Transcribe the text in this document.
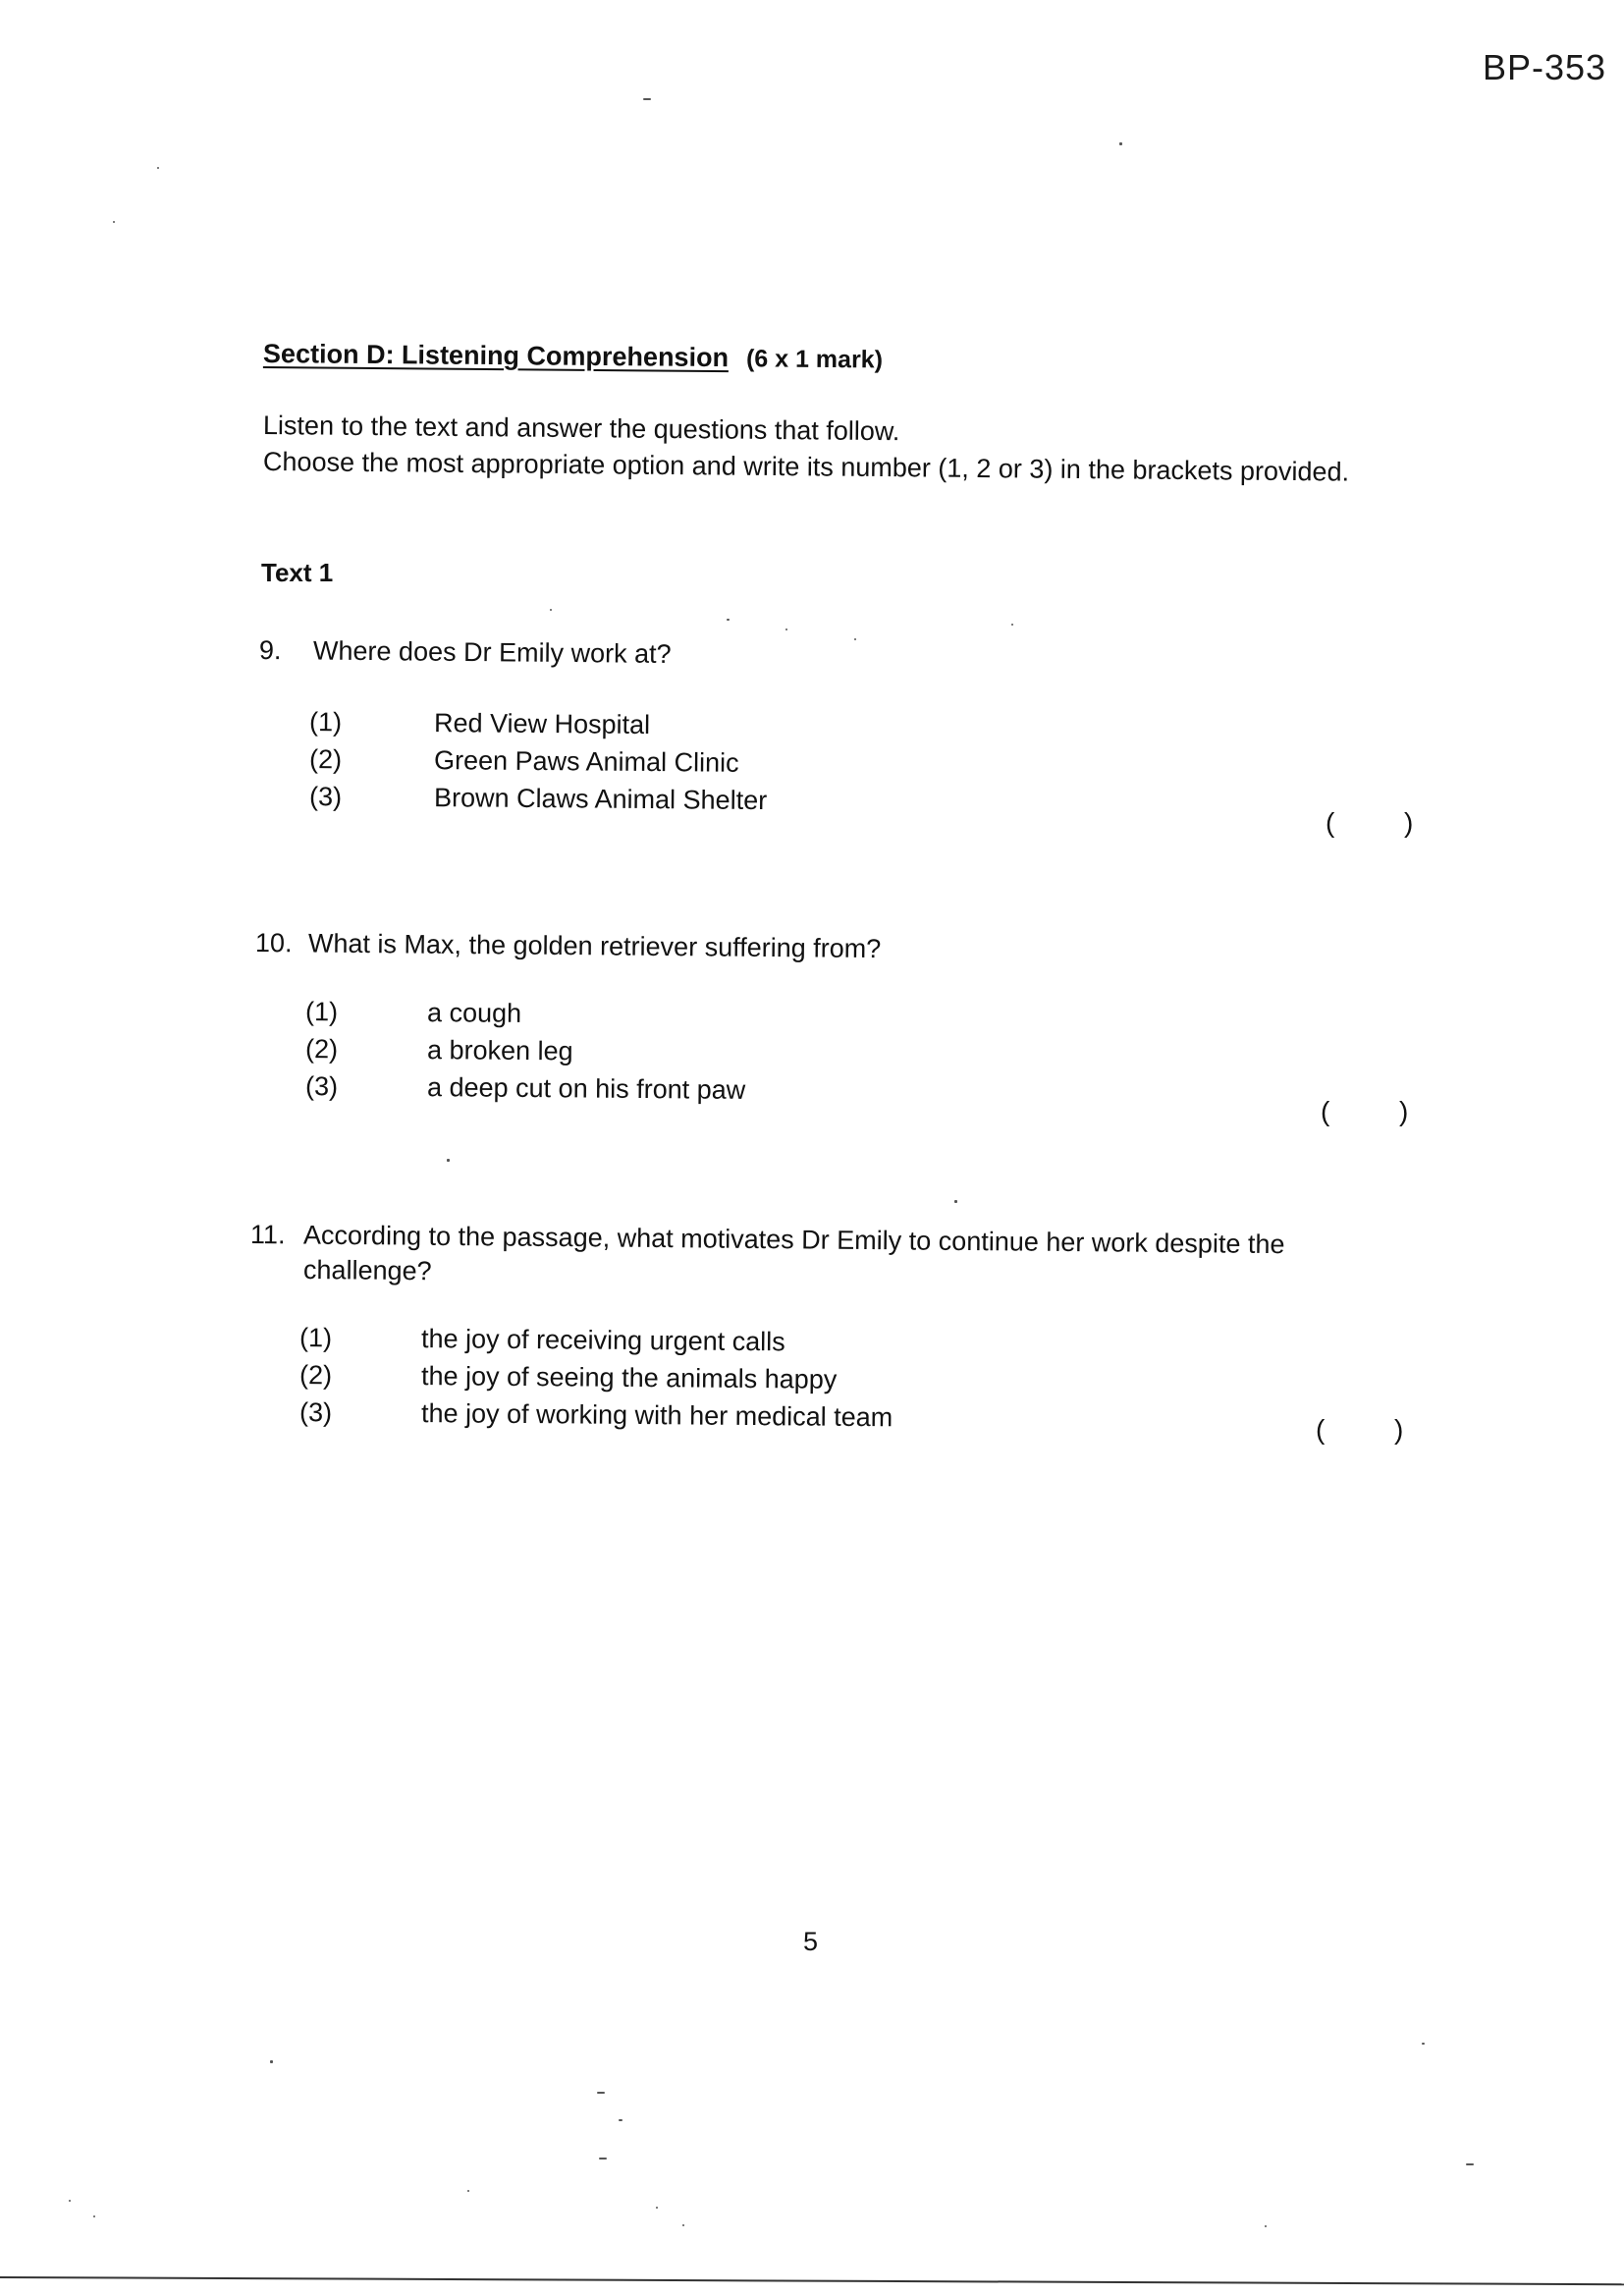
BP-353
Section D: Listening Comprehension (6 x 1 mark)
Listen to the text and answer the questions that follow.
Choose the most appropriate option and write its number (1, 2 or 3) in the brackets provided.
Text 1
9. Where does Dr Emily work at?
(1)	Red View Hospital
(2)	Green Paws Animal Clinic
(3)	Brown Claws Animal Shelter
(	)
10. What is Max, the golden retriever suffering from?
(1)	a cough
(2)	a broken leg
(3)	a deep cut on his front paw
(	)
11. According to the passage, what motivates Dr Emily to continue her work despite the
challenge?
(1)	the joy of receiving urgent calls
(2)	the joy of seeing the animals happy
(3)	the joy of working with her medical team	(	)
5
